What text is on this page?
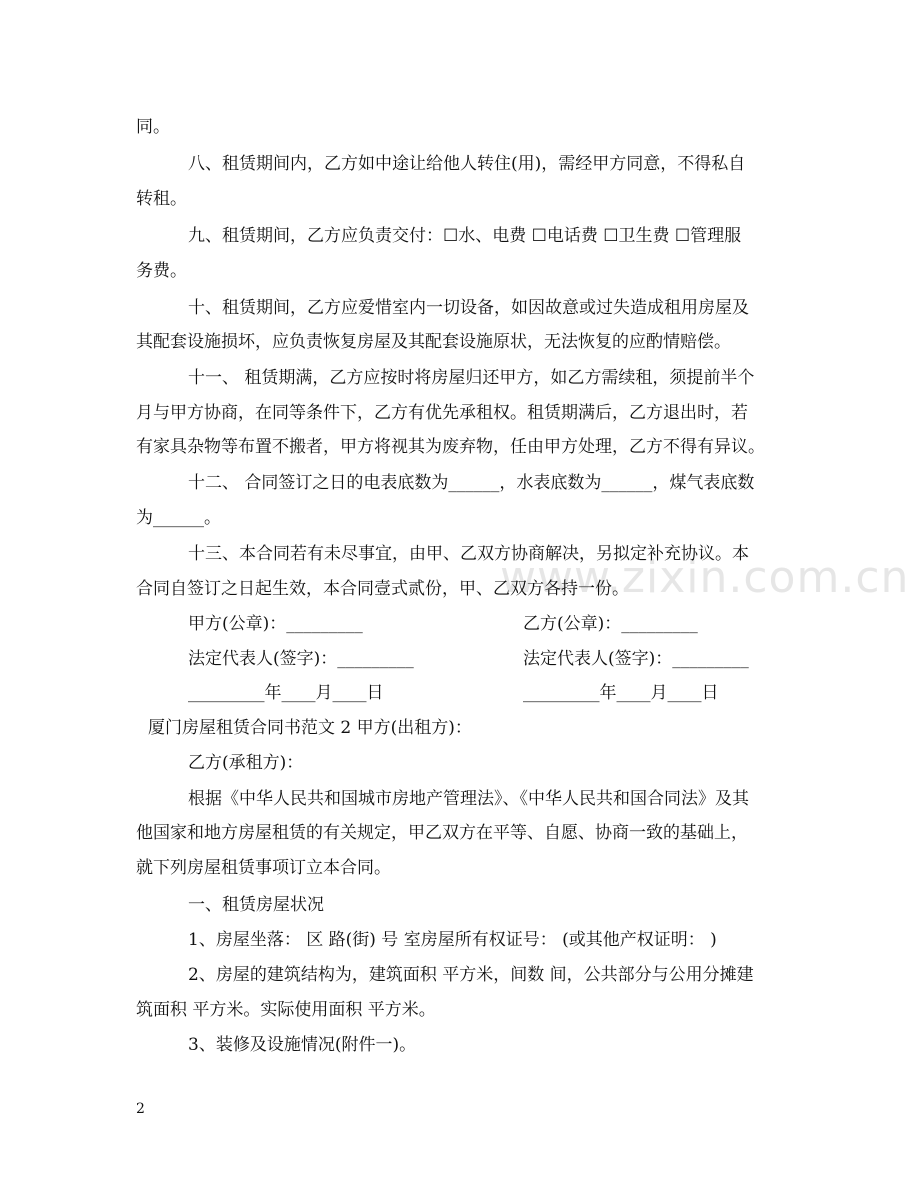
www.zixin.com.cn
同。
八、租赁期间内，乙方如中途让给他人转住(用)，需经甲方同意，不得私自
转租。
九、租赁期间，乙方应负责交付：☐水、电费 ☐电话费 ☐卫生费 ☐管理服
务费。
十、租赁期间，乙方应爱惜室内一切设备，如因故意或过失造成租用房屋及
其配套设施损坏，应负责恢复房屋及其配套设施原状，无法恢复的应酌情赔偿。
十一、 租赁期满，乙方应按时将房屋归还甲方，如乙方需续租，须提前半个
月与甲方协商，在同等条件下，乙方有优先承租权。租赁期满后，乙方退出时，若
有家具杂物等布置不搬者，甲方将视其为废弃物，任由甲方处理，乙方不得有异议。
十二、 合同签订之日的电表底数为______，水表底数为______，煤气表底数
为______。
十三、本合同若有未尽事宜，由甲、乙双方协商解决，另拟定补充协议。本
合同自签订之日起生效，本合同壹式贰份，甲、乙双方各持一份。
甲方(公章)：_________	乙方(公章)：_________
法定代表人(签字)：_________	法定代表人(签字)：_________
_________年____月____日	_________年____月____日
厦门房屋租赁合同书范文 2 甲方(出租方)：
乙方(承租方)：
根据《中华人民共和国城市房地产管理法》、《中华人民共和国合同法》及其
他国家和地方房屋租赁的有关规定，甲乙双方在平等、自愿、协商一致的基础上，
就下列房屋租赁事项订立本合同。
一、租赁房屋状况
1、房屋坐落： 区 路(街) 号 室房屋所有权证号： (或其他产权证明： )
2、房屋的建筑结构为，建筑面积 平方米，间数 间，公共部分与公用分摊建
筑面积 平方米。实际使用面积 平方米。
3、装修及设施情况(附件一)。
2
